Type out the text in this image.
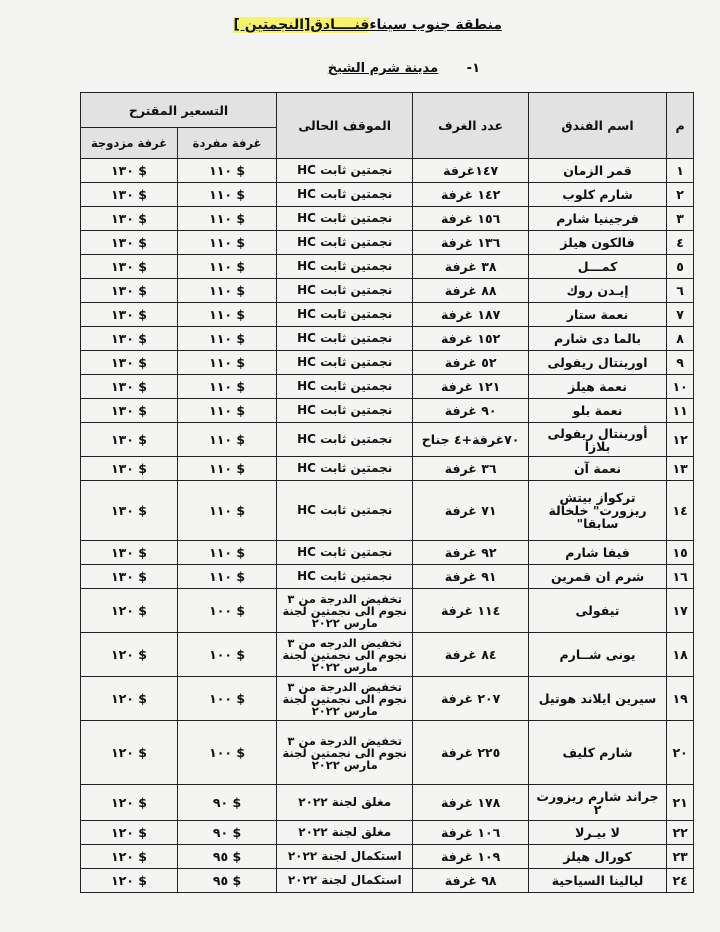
منطقة جنوب سيناءفنــــادق[النجمتين ]
١- مدينة شرم الشيخ
م	اسم الفندق	عدد الغرف	الموقف الحالى	التسعير المقترح	
				غرفة مفردة	غرفة مزدوجة
١	قمر الزمان	١٤٧غرفة	نجمتين ثابت HC	١١٠ $	١٣٠ $
٢	شارم كلوب	١٤٢ غرفة	نجمتين ثابت HC	١١٠ $	١٣٠ $
٣	فرجينيا شارم	١٥٦ غرفة	نجمتين ثابت HC	١١٠ $	١٣٠ $
٤	فالكون هيلز	١٣٦ غرفة	نجمتين ثابت HC	١١٠ $	١٣٠ $
٥	كمـــل	٣٨ غرفة	نجمتين ثابت HC	١١٠ $	١٣٠ $
٦	إيـدن روك	٨٨ غرفة	نجمتين ثابت HC	١١٠ $	١٣٠ $
٧	نعمة ستار	١٨٧ غرفة	نجمتين ثابت HC	١١٠ $	١٣٠ $
٨	بالما دى شارم	١٥٢ غرفة	نجمتين ثابت HC	١١٠ $	١٣٠ $
٩	اورينتال ريفولى	٥٢ غرفة	نجمتين ثابت HC	١١٠ $	١٣٠ $
١٠	نعمة هيلز	١٢١ غرفة	نجمتين ثابت HC	١١٠ $	١٣٠ $
١١	نعمة بلو	٩٠ غرفة	نجمتين ثابت HC	١١٠ $	١٣٠ $
١٢	أورينتال ريفولى بلازا	٧٠غرفة+٤ جناح	نجمتين ثابت HC	١١٠ $	١٣٠ $
١٣	نعمة آن	٣٦ غرفة	نجمتين ثابت HC	١١٠ $	١٣٠ $
١٤	تركواز بيتش ريزورت" خلخالة سابقا"	٧١ غرفة	نجمتين ثابت HC	١١٠ $	١٣٠ $
١٥	فيفا شارم	٩٢ غرفة	نجمتين ثابت HC	١١٠ $	١٣٠ $
١٦	شرم ان قمرين	٩١ غرفة	نجمتين ثابت HC	١١٠ $	١٣٠ $
١٧	تيفولى	١١٤ غرفة	تخفيض الدرجة من ٣ نجوم الى نجمتين لجنة مارس ٢٠٢٢	١٠٠ $	١٢٠ $
١٨	يونى شــارم	٨٤ غرفة	تخفيض الدرجه من ٣ نجوم الى نجمتين لجنة مارس ٢٠٢٢	١٠٠ $	١٢٠ $
١٩	سيرين ايلاند هوتيل	٢٠٧ غرفة	تخفيض الدرجة من ٣ نجوم الى نجمتين لجنة مارس ٢٠٢٢	١٠٠ $	١٢٠ $
٢٠	شارم كليف	٢٢٥ غرفة	تخفيض الدرجة من ٣ نجوم الى نجمتين لجنة مارس ٢٠٢٢	١٠٠ $	١٢٠ $
٢١	جراند شارم ريزورت ٢	١٧٨ غرفة	مغلق لجنة ٢٠٢٢	٩٠ $	١٢٠ $
٢٢	لا بيـرلا	١٠٦ غرفة	مغلق لجنة ٢٠٢٢	٩٠ $	١٢٠ $
٢٣	كورال هيلز	١٠٩ غرفة	استكمال لجنة ٢٠٢٢	٩٥ $	١٢٠ $
٢٤	ليالينا السياحية	٩٨ غرفة	استكمال لجنة ٢٠٢٢	٩٥ $	١٢٠ $
